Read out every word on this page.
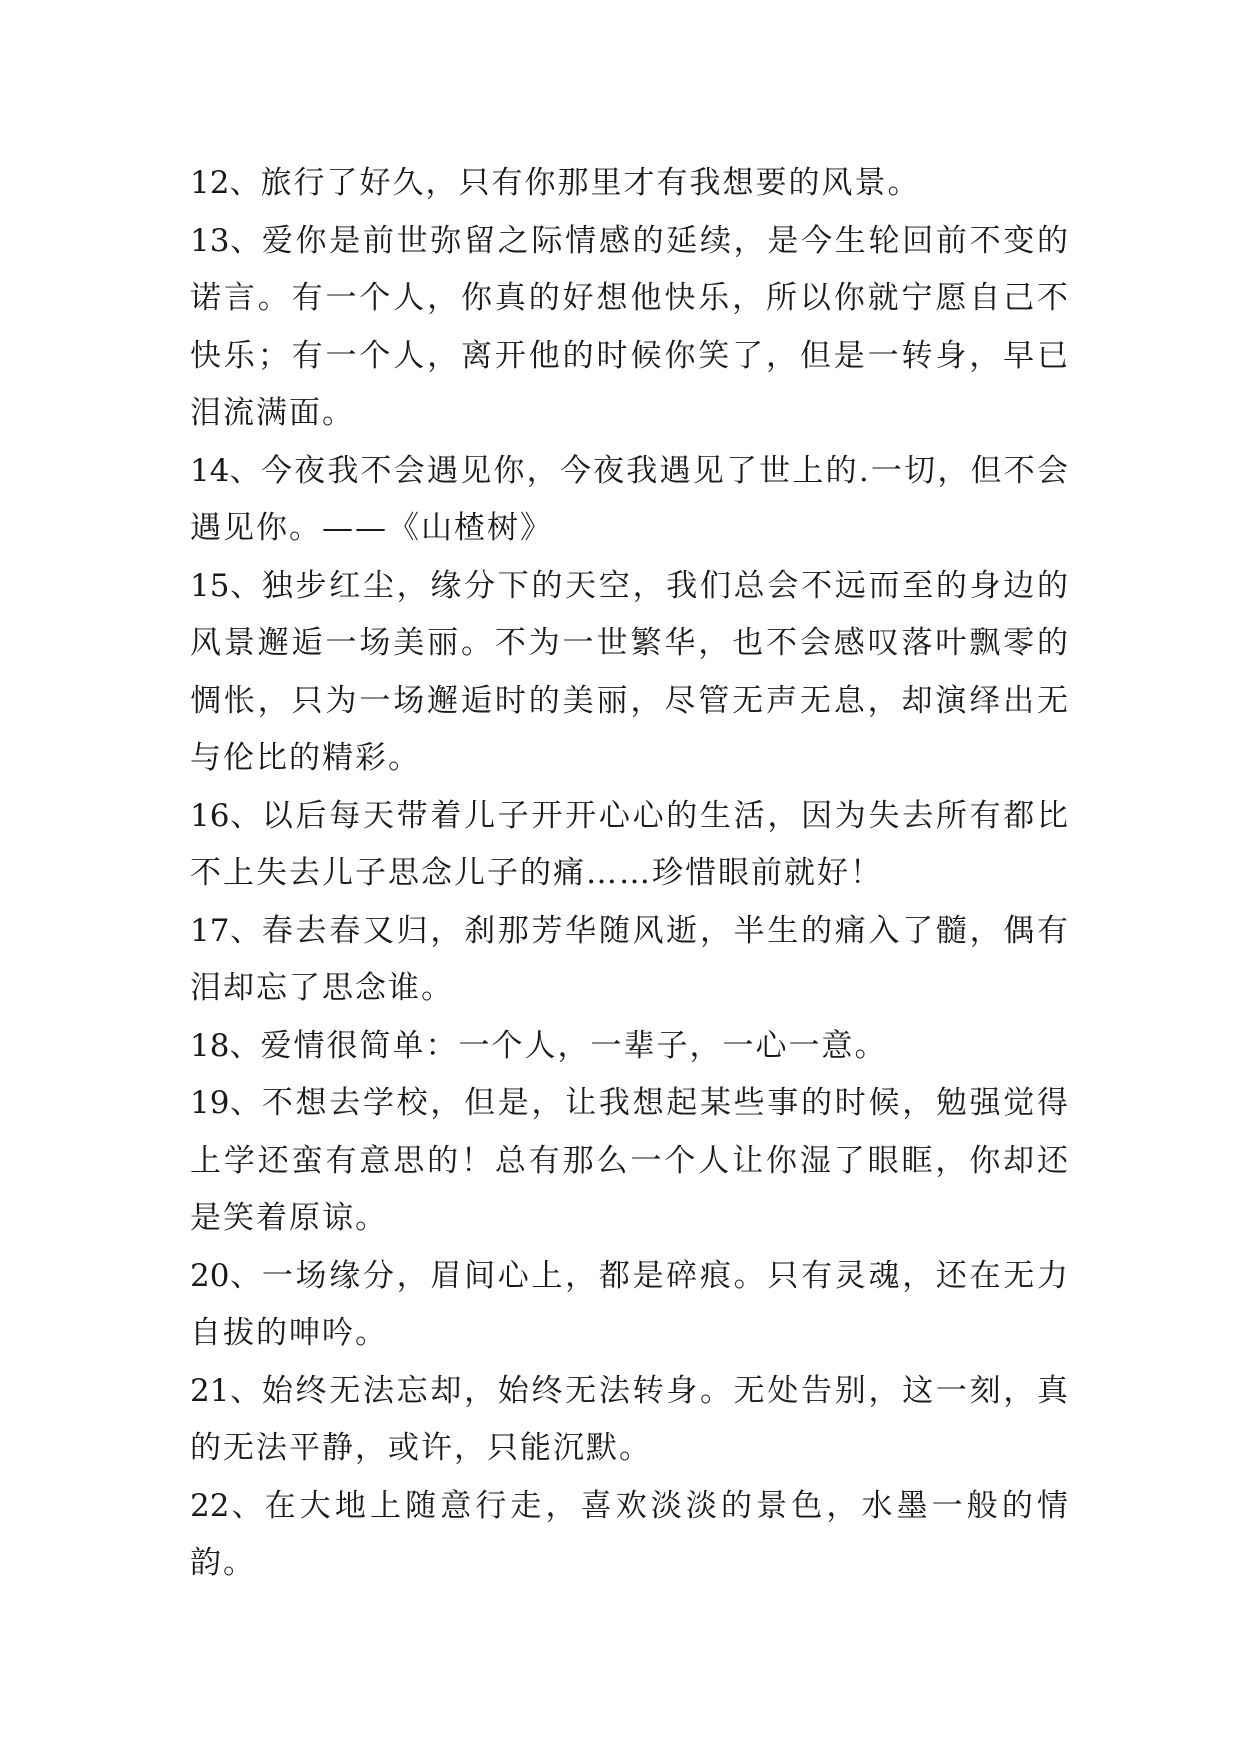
12、旅行了好久，只有你那里才有我想要的风景。

13、爱你是前世弥留之际情感的延续，是今生轮回前不变的诺言。有一个人，你真的好想他快乐，所以你就宁愿自己不快乐；有一个人，离开他的时候你笑了，但是一转身，早已泪流满面。

14、今夜我不会遇见你，今夜我遇见了世上的.一切，但不会遇见你。——《山楂树》

15、独步红尘，缘分下的天空，我们总会不远而至的身边的风景邂逅一场美丽。不为一世繁华，也不会感叹落叶飘零的惆怅，只为一场邂逅时的美丽，尽管无声无息，却演绎出无与伦比的精彩。

16、以后每天带着儿子开开心心的生活，因为失去所有都比不上失去儿子思念儿子的痛……珍惜眼前就好！

17、春去春又归，刹那芳华随风逝，半生的痛入了髓，偶有泪却忘了思念谁。

18、爱情很简单：一个人，一辈子，一心一意。

19、不想去学校，但是，让我想起某些事的时候，勉强觉得上学还蛮有意思的！总有那么一个人让你湿了眼眶，你却还是笑着原谅。

20、一场缘分，眉间心上，都是碎痕。只有灵魂，还在无力自拔的呻吟。

21、始终无法忘却，始终无法转身。无处告别，这一刻，真的无法平静，或许，只能沉默。

22、在大地上随意行走，喜欢淡淡的景色，水墨一般的情韵。
